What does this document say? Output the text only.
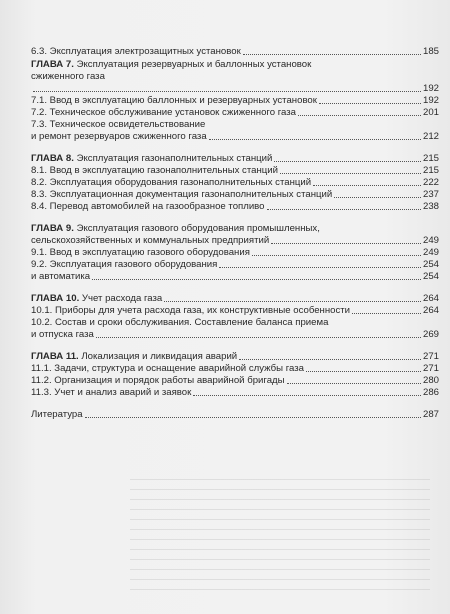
6.3. Эксплуатация электрозащитных установок	185
ГЛАВА 7. Эксплуатация резервуарных и баллонных установок
сжиженного газа
192
7.1. Ввод в эксплуатацию баллонных и резервуарных установок	192
7.2. Техническое обслуживание установок сжиженного газа	201
7.3. Техническое освидетельствование
и ремонт резервуаров сжиженного газа	212
ГЛАВА 8. Эксплуатация газонаполнительных станций	215
8.1. Ввод в эксплуатацию газонаполнительных станций	215
8.2. Эксплуатация оборудования газонаполнительных станций	222
8.3. Эксплуатационная документация газонаполнительных станций	237
8.4. Перевод автомобилей на газообразное топливо	238
ГЛАВА 9. Эксплуатация газового оборудования промышленных,
сельскохозяйственных и коммунальных предприятий	249
9.1. Ввод в эксплуатацию газового оборудования	249
9.2. Эксплуатация газового оборудования	254
и автоматика	254
ГЛАВА 10. Учет расхода газа	264
10.1. Приборы для учета расхода газа, их конструктивные особенности	264
10.2. Состав и сроки обслуживания. Составление баланса приема
и отпуска газа	269
ГЛАВА 11. Локализация и ликвидация аварий	271
11.1. Задачи, структура и оснащение аварийной службы газа	271
11.2. Организация и порядок работы аварийной бригады	280
11.3. Учет и анализ аварий и заявок	286
Литература	287
